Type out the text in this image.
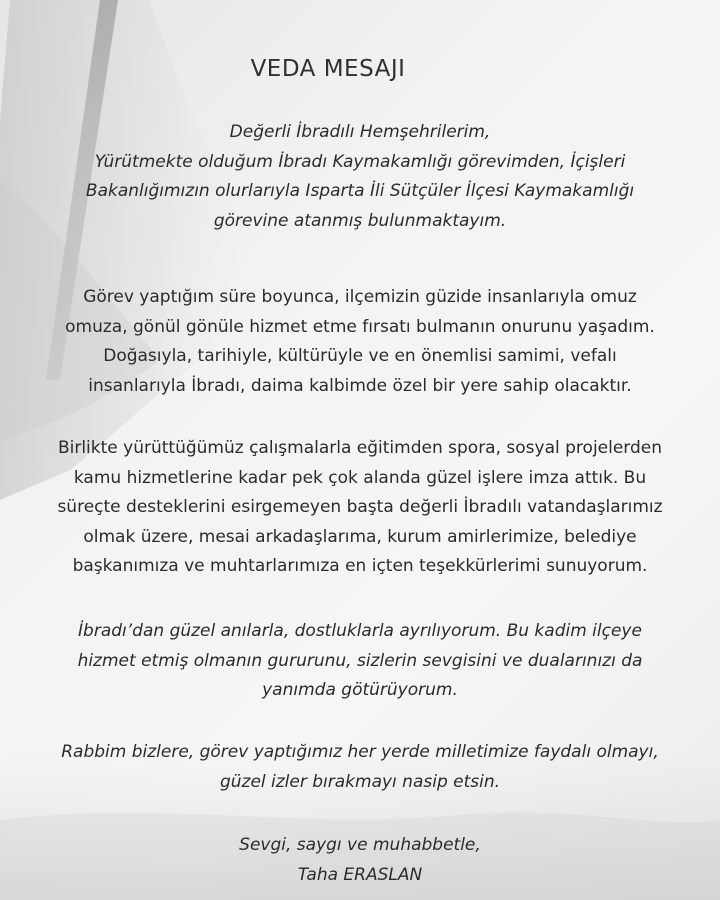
VEDA MESAJI
Değerli İbradılı Hemşehrilerim,
Yürütmekte olduğum İbradı Kaymakamlığı görevimden, İçişleri
Bakanlığımızın olurlarıyla Isparta İli Sütçüler İlçesi Kaymakamlığı
görevine atanmış bulunmaktayım.
Görev yaptığım süre boyunca, ilçemizin güzide insanlarıyla omuz
omuza, gönül gönüle hizmet etme fırsatı bulmanın onurunu yaşadım.
Doğasıyla, tarihiyle, kültürüyle ve en önemlisi samimi, vefalı
insanlarıyla İbradı, daima kalbimde özel bir yere sahip olacaktır.
Birlikte yürüttüğümüz çalışmalarla eğitimden spora, sosyal projelerden
kamu hizmetlerine kadar pek çok alanda güzel işlere imza attık. Bu
süreçte desteklerini esirgemeyen başta değerli İbradılı vatandaşlarımız
olmak üzere, mesai arkadaşlarıma, kurum amirlerimize, belediye
başkanımıza ve muhtarlarımıza en içten teşekkürlerimi sunuyorum.
İbradı’dan güzel anılarla, dostluklarla ayrılıyorum. Bu kadim ilçeye
hizmet etmiş olmanın gururunu, sizlerin sevgisini ve dualarınızı da
yanımda götürüyorum.
Rabbim bizlere, görev yaptığımız her yerde milletimize faydalı olmayı,
güzel izler bırakmayı nasip etsin.
Sevgi, saygı ve muhabbetle,
Taha ERASLAN
